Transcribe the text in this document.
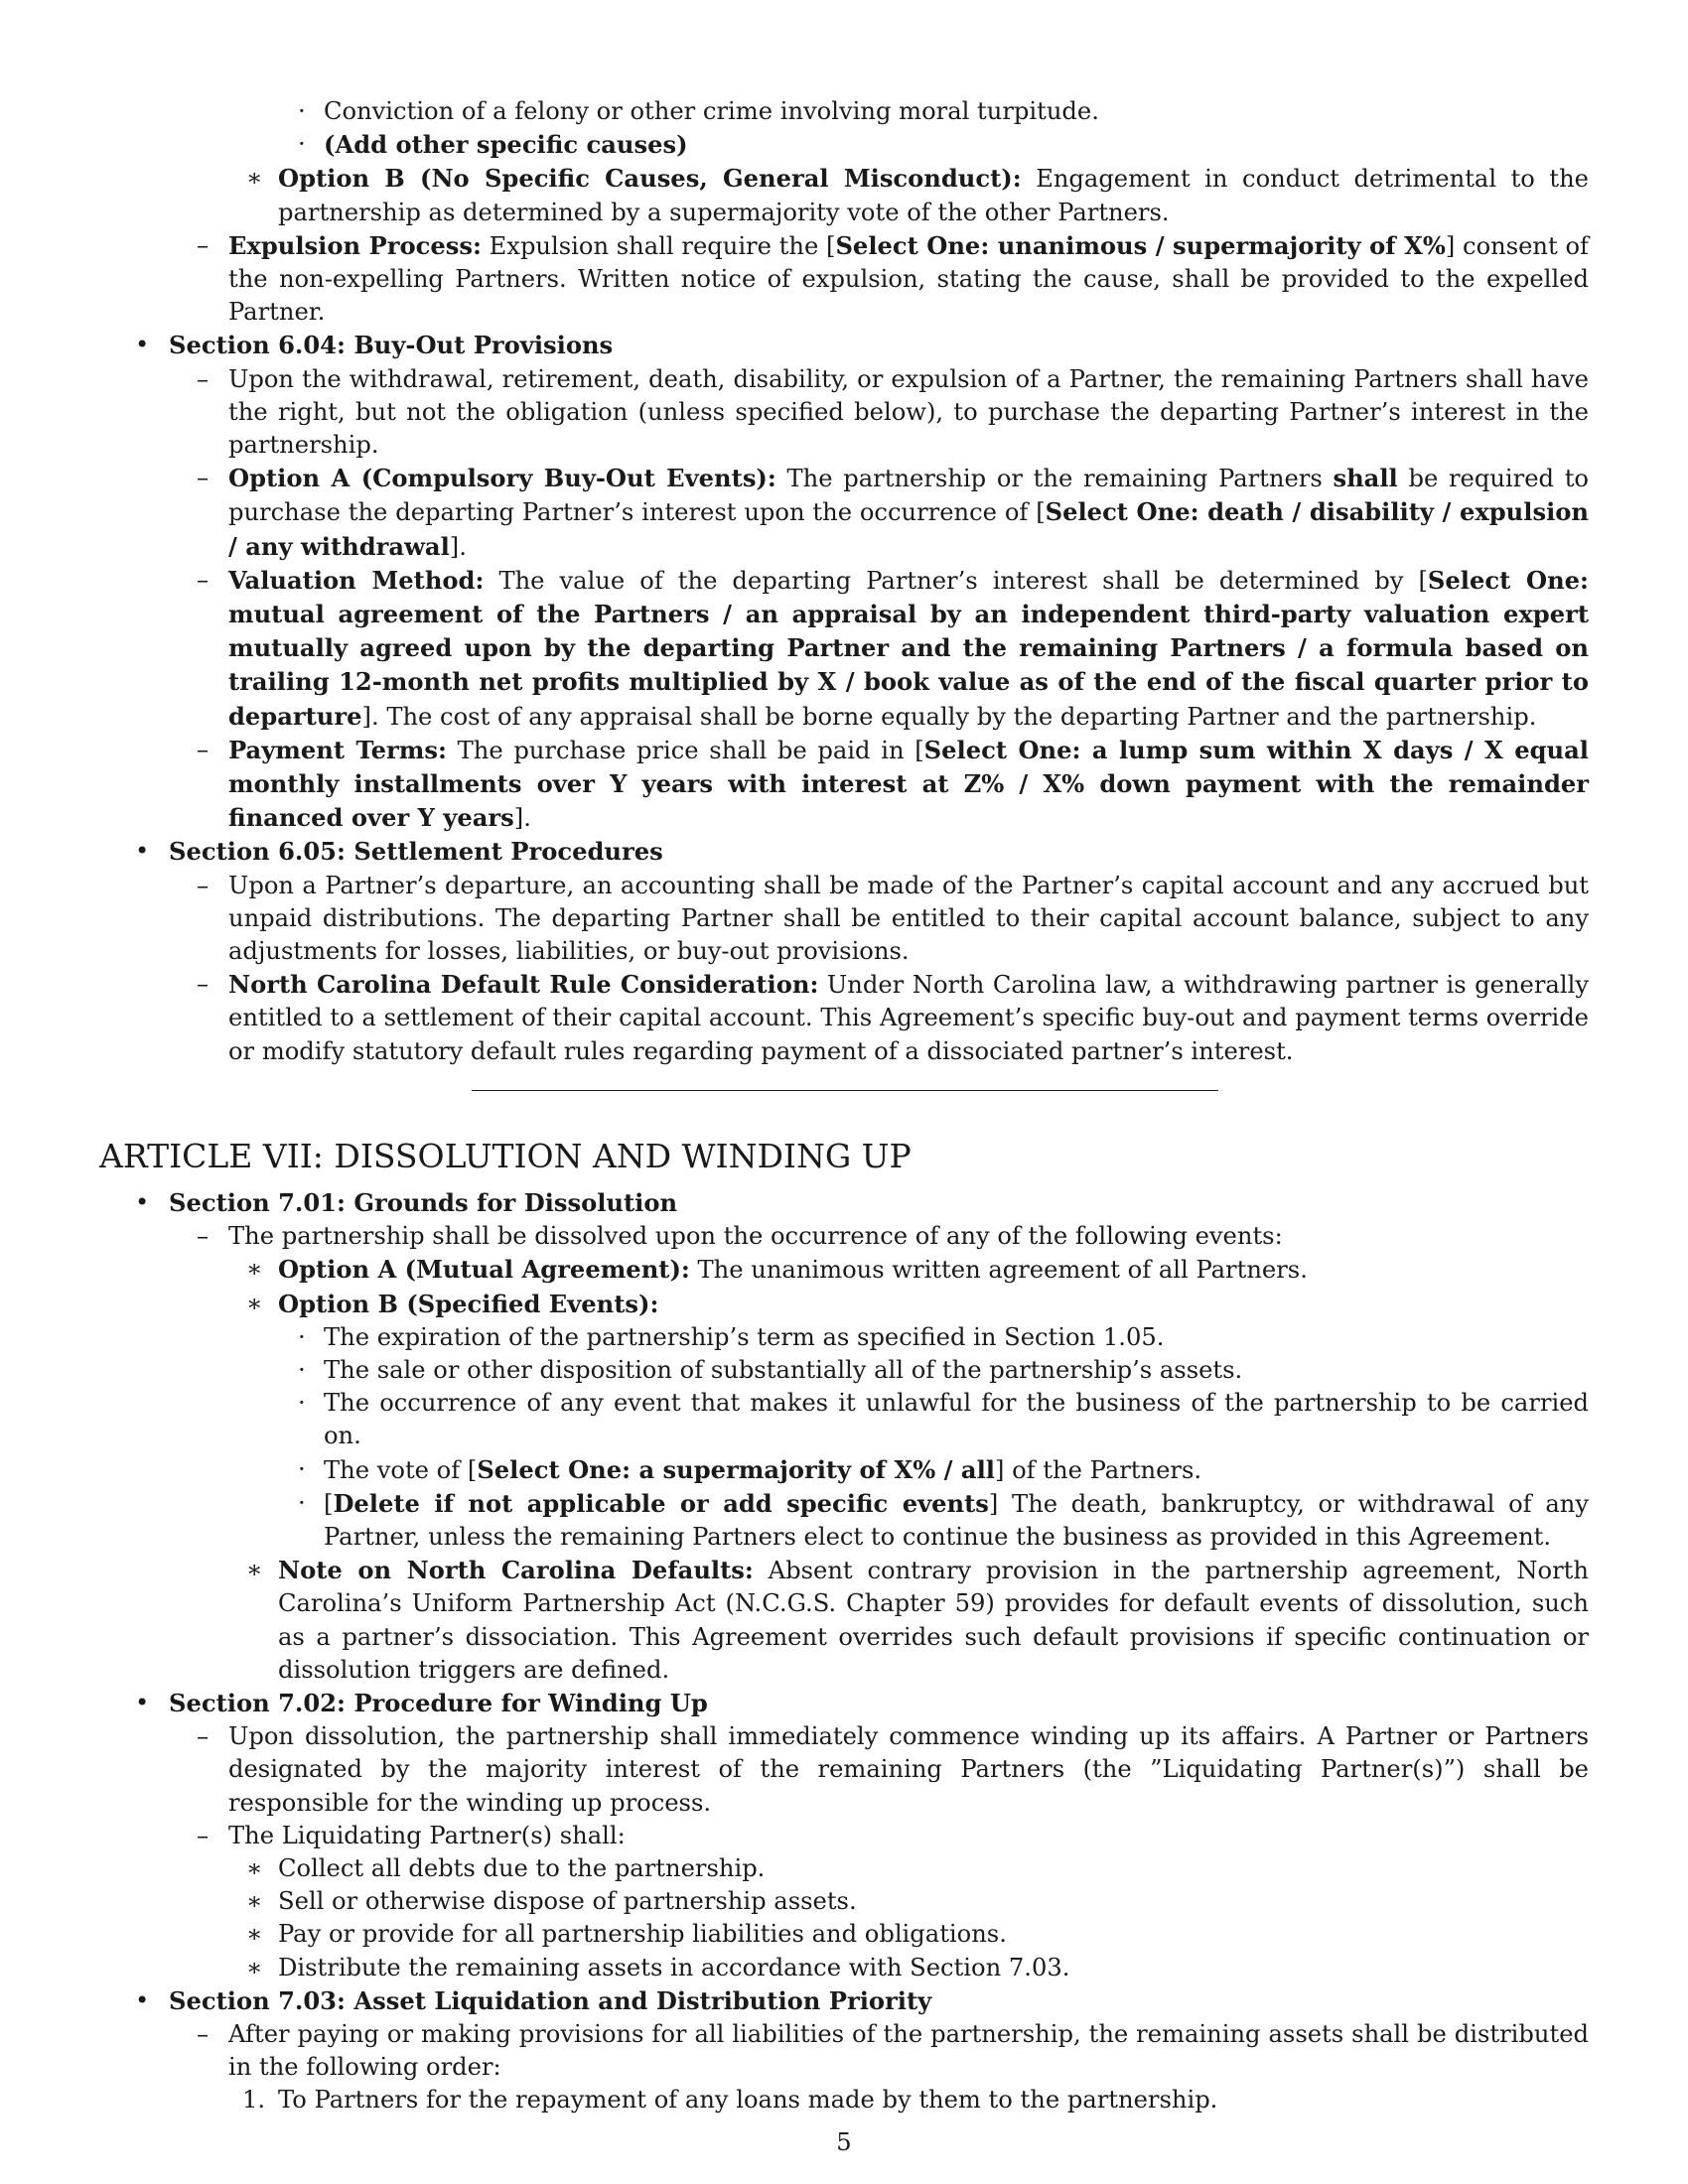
· Conviction of a felony or other crime involving moral turpitude.
· (Add other specific causes)
∗ Option B (No Specific Causes, General Misconduct): Engagement in conduct detrimental to the partnership as determined by a supermajority vote of the other Partners.
– Expulsion Process: Expulsion shall require the [Select One: unanimous / supermajority of X%] consent of the non-expelling Partners. Written notice of expulsion, stating the cause, shall be provided to the expelled Partner.
• Section 6.04: Buy-Out Provisions
– Upon the withdrawal, retirement, death, disability, or expulsion of a Partner, the remaining Partners shall have the right, but not the obligation (unless specified below), to purchase the departing Partner’s interest in the partnership.
– Option A (Compulsory Buy-Out Events): The partnership or the remaining Partners shall be required to purchase the departing Partner’s interest upon the occurrence of [Select One: death / disability / expulsion / any withdrawal].
– Valuation Method: The value of the departing Partner’s interest shall be determined by [Select One: mutual agreement of the Partners / an appraisal by an independent third-party valuation expert mutually agreed upon by the departing Partner and the remaining Partners / a formula based on trailing 12-month net profits multiplied by X / book value as of the end of the fiscal quarter prior to departure]. The cost of any appraisal shall be borne equally by the departing Partner and the partnership.
– Payment Terms: The purchase price shall be paid in [Select One: a lump sum within X days / X equal monthly installments over Y years with interest at Z% / X% down payment with the remainder financed over Y years].
• Section 6.05: Settlement Procedures
– Upon a Partner’s departure, an accounting shall be made of the Partner’s capital account and any accrued but unpaid distributions. The departing Partner shall be entitled to their capital account balance, subject to any adjustments for losses, liabilities, or buy-out provisions.
– North Carolina Default Rule Consideration: Under North Carolina law, a withdrawing partner is generally entitled to a settlement of their capital account. This Agreement’s specific buy-out and payment terms override or modify statutory default rules regarding payment of a dissociated partner’s interest.
ARTICLE VII: DISSOLUTION AND WINDING UP
• Section 7.01: Grounds for Dissolution
– The partnership shall be dissolved upon the occurrence of any of the following events:
∗ Option A (Mutual Agreement): The unanimous written agreement of all Partners.
∗ Option B (Specified Events):
· The expiration of the partnership’s term as specified in Section 1.05.
· The sale or other disposition of substantially all of the partnership’s assets.
· The occurrence of any event that makes it unlawful for the business of the partnership to be carried on.
· The vote of [Select One: a supermajority of X% / all] of the Partners.
· [Delete if not applicable or add specific events] The death, bankruptcy, or withdrawal of any Partner, unless the remaining Partners elect to continue the business as provided in this Agreement.
∗ Note on North Carolina Defaults: Absent contrary provision in the partnership agreement, North Carolina’s Uniform Partnership Act (N.C.G.S. Chapter 59) provides for default events of dissolution, such as a partner’s dissociation. This Agreement overrides such default provisions if specific continuation or dissolution triggers are defined.
• Section 7.02: Procedure for Winding Up
– Upon dissolution, the partnership shall immediately commence winding up its affairs. A Partner or Partners designated by the majority interest of the remaining Partners (the ”Liquidating Partner(s)”) shall be responsible for the winding up process.
– The Liquidating Partner(s) shall:
∗ Collect all debts due to the partnership.
∗ Sell or otherwise dispose of partnership assets.
∗ Pay or provide for all partnership liabilities and obligations.
∗ Distribute the remaining assets in accordance with Section 7.03.
• Section 7.03: Asset Liquidation and Distribution Priority
– After paying or making provisions for all liabilities of the partnership, the remaining assets shall be distributed in the following order:
1. To Partners for the repayment of any loans made by them to the partnership.
5
